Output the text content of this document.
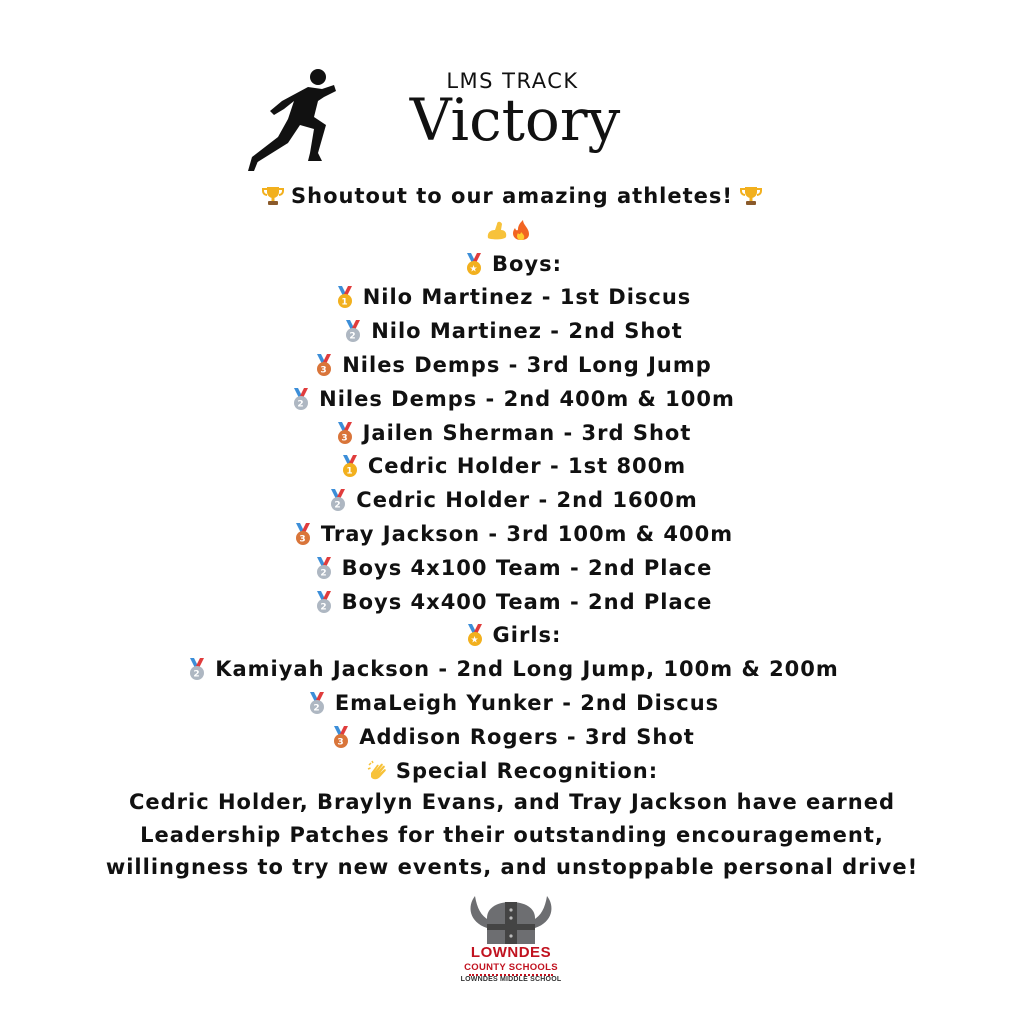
LMS TRACK
Victory
Shoutout to our amazing athletes!
★ Boys:
1 Nilo Martinez - 1st Discus
2 Nilo Martinez - 2nd Shot
3 Niles Demps - 3rd Long Jump
2 Niles Demps - 2nd 400m & 100m
3 Jailen Sherman - 3rd Shot
1 Cedric Holder - 1st 800m
2 Cedric Holder - 2nd 1600m
3 Tray Jackson - 3rd 100m & 400m
2 Boys 4x100 Team - 2nd Place
2 Boys 4x400 Team - 2nd Place
★ Girls:
2 Kamiyah Jackson - 2nd Long Jump, 100m & 200m
2 EmaLeigh Yunker - 2nd Discus
3 Addison Rogers - 3rd Shot
Special Recognition:
Cedric Holder, Braylyn Evans, and Tray Jackson have earned
Leadership Patches for their outstanding encouragement,
willingness to try new events, and unstoppable personal drive!
LOWNDES
COUNTY SCHOOLS
LOWNDES MIDDLE SCHOOL
